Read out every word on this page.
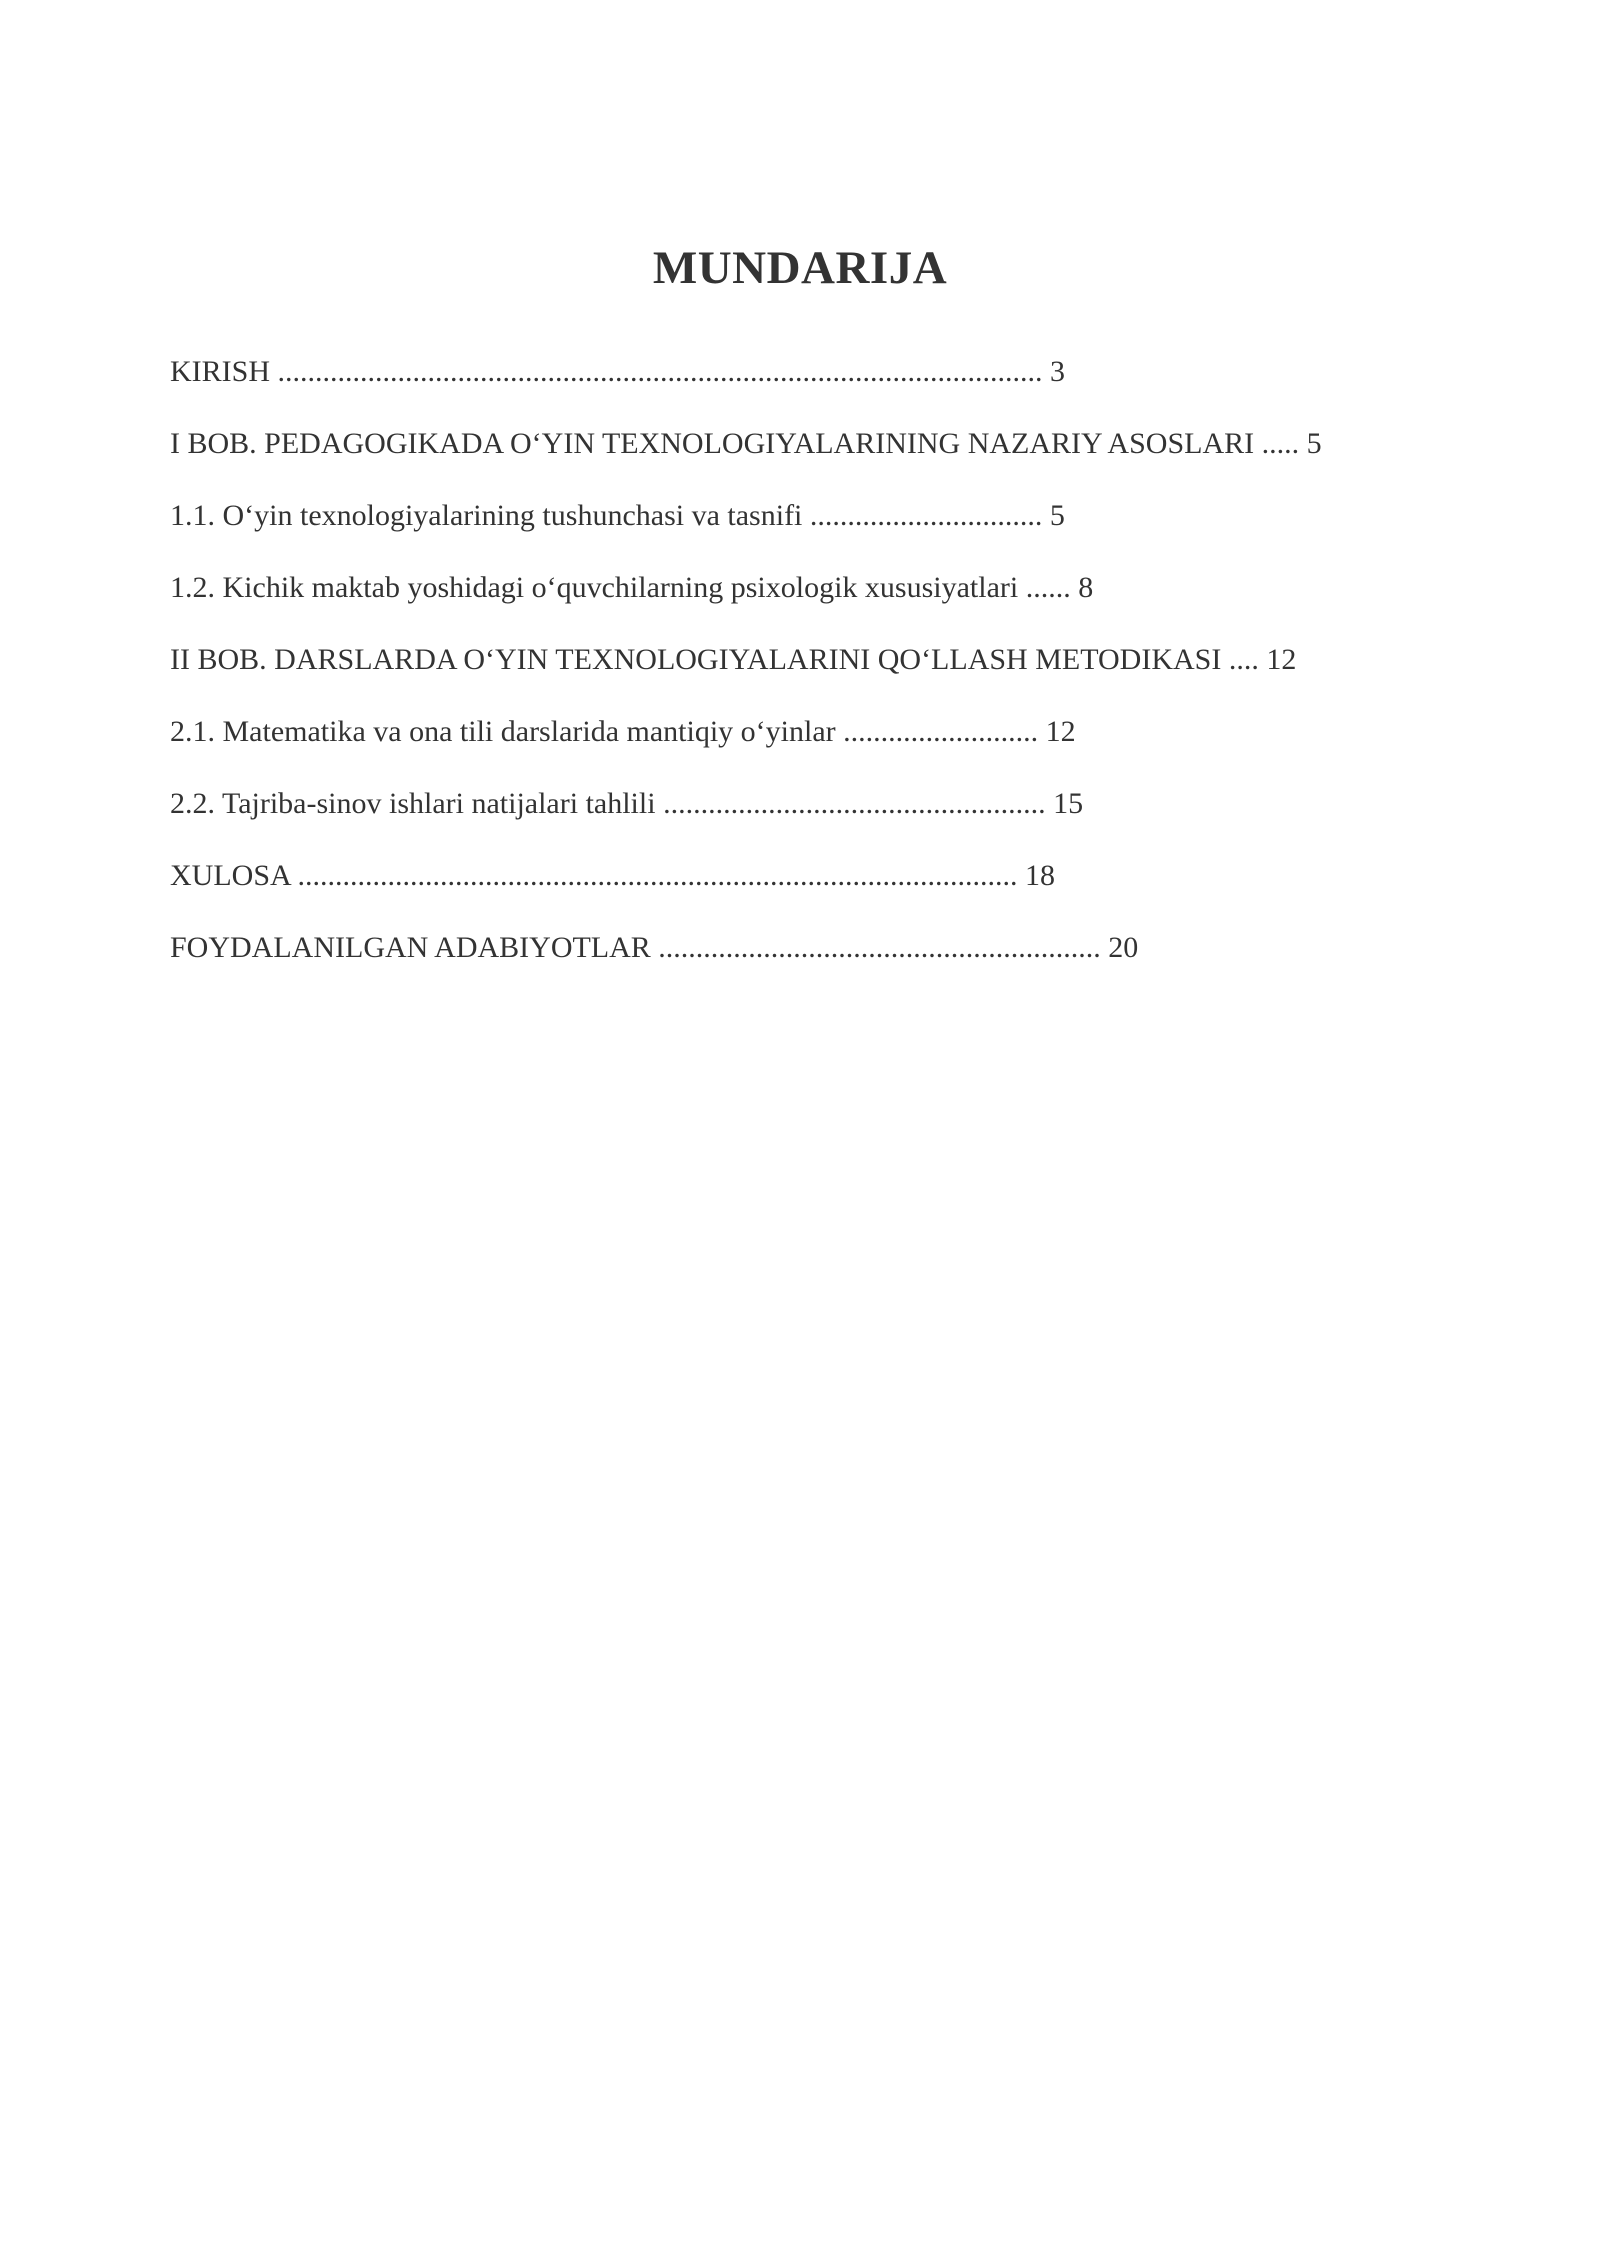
MUNDARIJA
KIRISH ...................................................................................................... 3
I BOB. PEDAGOGIKADA O‘YIN TEXNOLOGIYALARINING NAZARIY ASOSLARI ..... 5
1.1. O‘yin texnologiyalarining tushunchasi va tasnifi ............................... 5
1.2. Kichik maktab yoshidagi o‘quvchilarning psixologik xususiyatlari ...... 8
II BOB. DARSLARDA O‘YIN TEXNOLOGIYALARINI QO‘LLASH METODIKASI .... 12
2.1. Matematika va ona tili darslarida mantiqiy o‘yinlar .......................... 12
2.2. Tajriba-sinov ishlari natijalari tahlili ................................................... 15
XULOSA ................................................................................................ 18
FOYDALANILGAN ADABIYOTLAR ........................................................... 20
